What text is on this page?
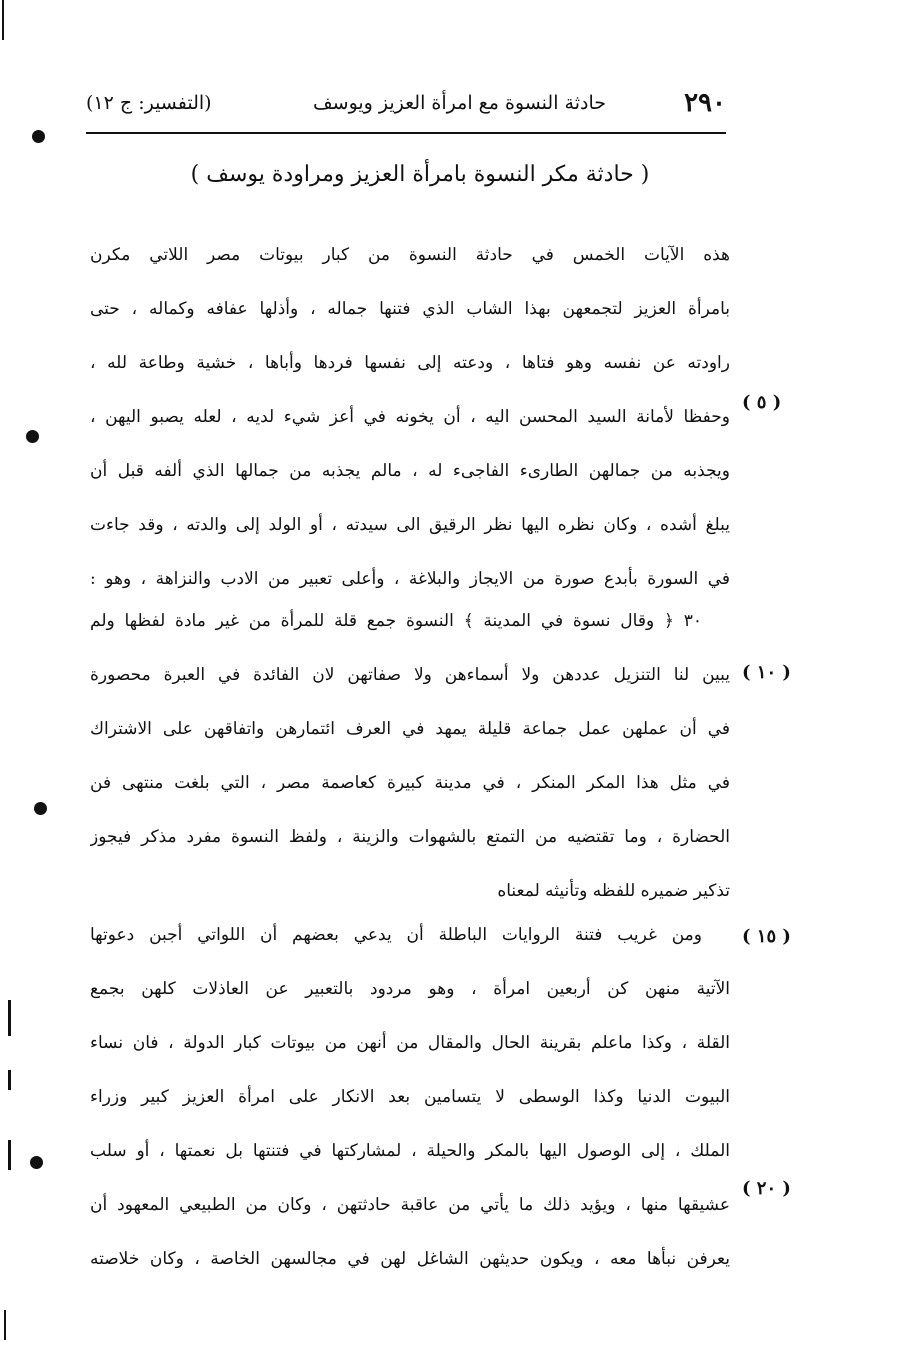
٢٩٠
حادثة النسوة مع امرأة العزيز ويوسف
(التفسير: ج ١٢)
( حادثة مكر النسوة بامرأة العزيز ومراودة يوسف )
هذه الآيات الخمس في حادثة النسوة من كبار بيوتات مصر اللاتي مكرن
بامرأة العزيز لتجمعهن بهذا الشاب الذي فتنها جماله ، وأذلها عفافه وكماله ، حتى
راودته عن نفسه وهو فتاها ، ودعته إلى نفسها فردها وأباها ، خشية وطاعة لله ،
وحفظا لأمانة السيد المحسن اليه ، أن يخونه في أعز شيء لديه ، لعله يصبو اليهن ،
ويجذبه من جمالهن الطارىء الفاجىء له ، مالم يجذبه من جمالها الذي ألفه قبل أن
يبلغ أشده ، وكان نظره اليها نظر الرقيق الى سيدته ، أو الولد إلى والدته ، وقد جاءت
في السورة بأبدع صورة من الايجاز والبلاغة ، وأعلى تعبير من الادب والنزاهة ، وهو :
٣٠ ﴿ وقال نسوة في المدينة ﴾ النسوة جمع قلة للمرأة من غير مادة لفظها ولم
يبين لنا التنزيل عددهن ولا أسماءهن ولا صفاتهن لان الفائدة في العبرة محصورة
في أن عملهن عمل جماعة قليلة يمهد في العرف ائتمارهن واتفاقهن على الاشتراك
في مثل هذا المكر المنكر ، في مدينة كبيرة كعاصمة مصر ، التي بلغت منتهى فن
الحضارة ، وما تقتضيه من التمتع بالشهوات والزينة ، ولفظ النسوة مفرد مذكر فيجوز
تذكير ضميره للفظه وتأنيثه لمعناه
ومن غريب فتنة الروايات الباطلة أن يدعي بعضهم أن اللواتي أجبن دعوتها
الآتية منهن كن أربعين امرأة ، وهو مردود بالتعبير عن العاذلات كلهن بجمع
القلة ، وكذا ماعلم بقرينة الحال والمقال من أنهن من بيوتات كبار الدولة ، فان نساء
البيوت الدنيا وكذا الوسطى لا يتسامين بعد الانكار على امرأة العزيز كبير وزراء
الملك ، إلى الوصول اليها بالمكر والحيلة ، لمشاركتها في فتنتها بل نعمتها ، أو سلب
عشيقها منها ، ويؤيد ذلك ما يأتي من عاقبة حادثتهن ، وكان من الطبيعي المعهود أن
يعرفن نبأها معه ، ويكون حديثهن الشاغل لهن في مجالسهن الخاصة ، وكان خلاصته
( ٥ )
( ١٠ )
( ١٥ )
( ٢٠ )
